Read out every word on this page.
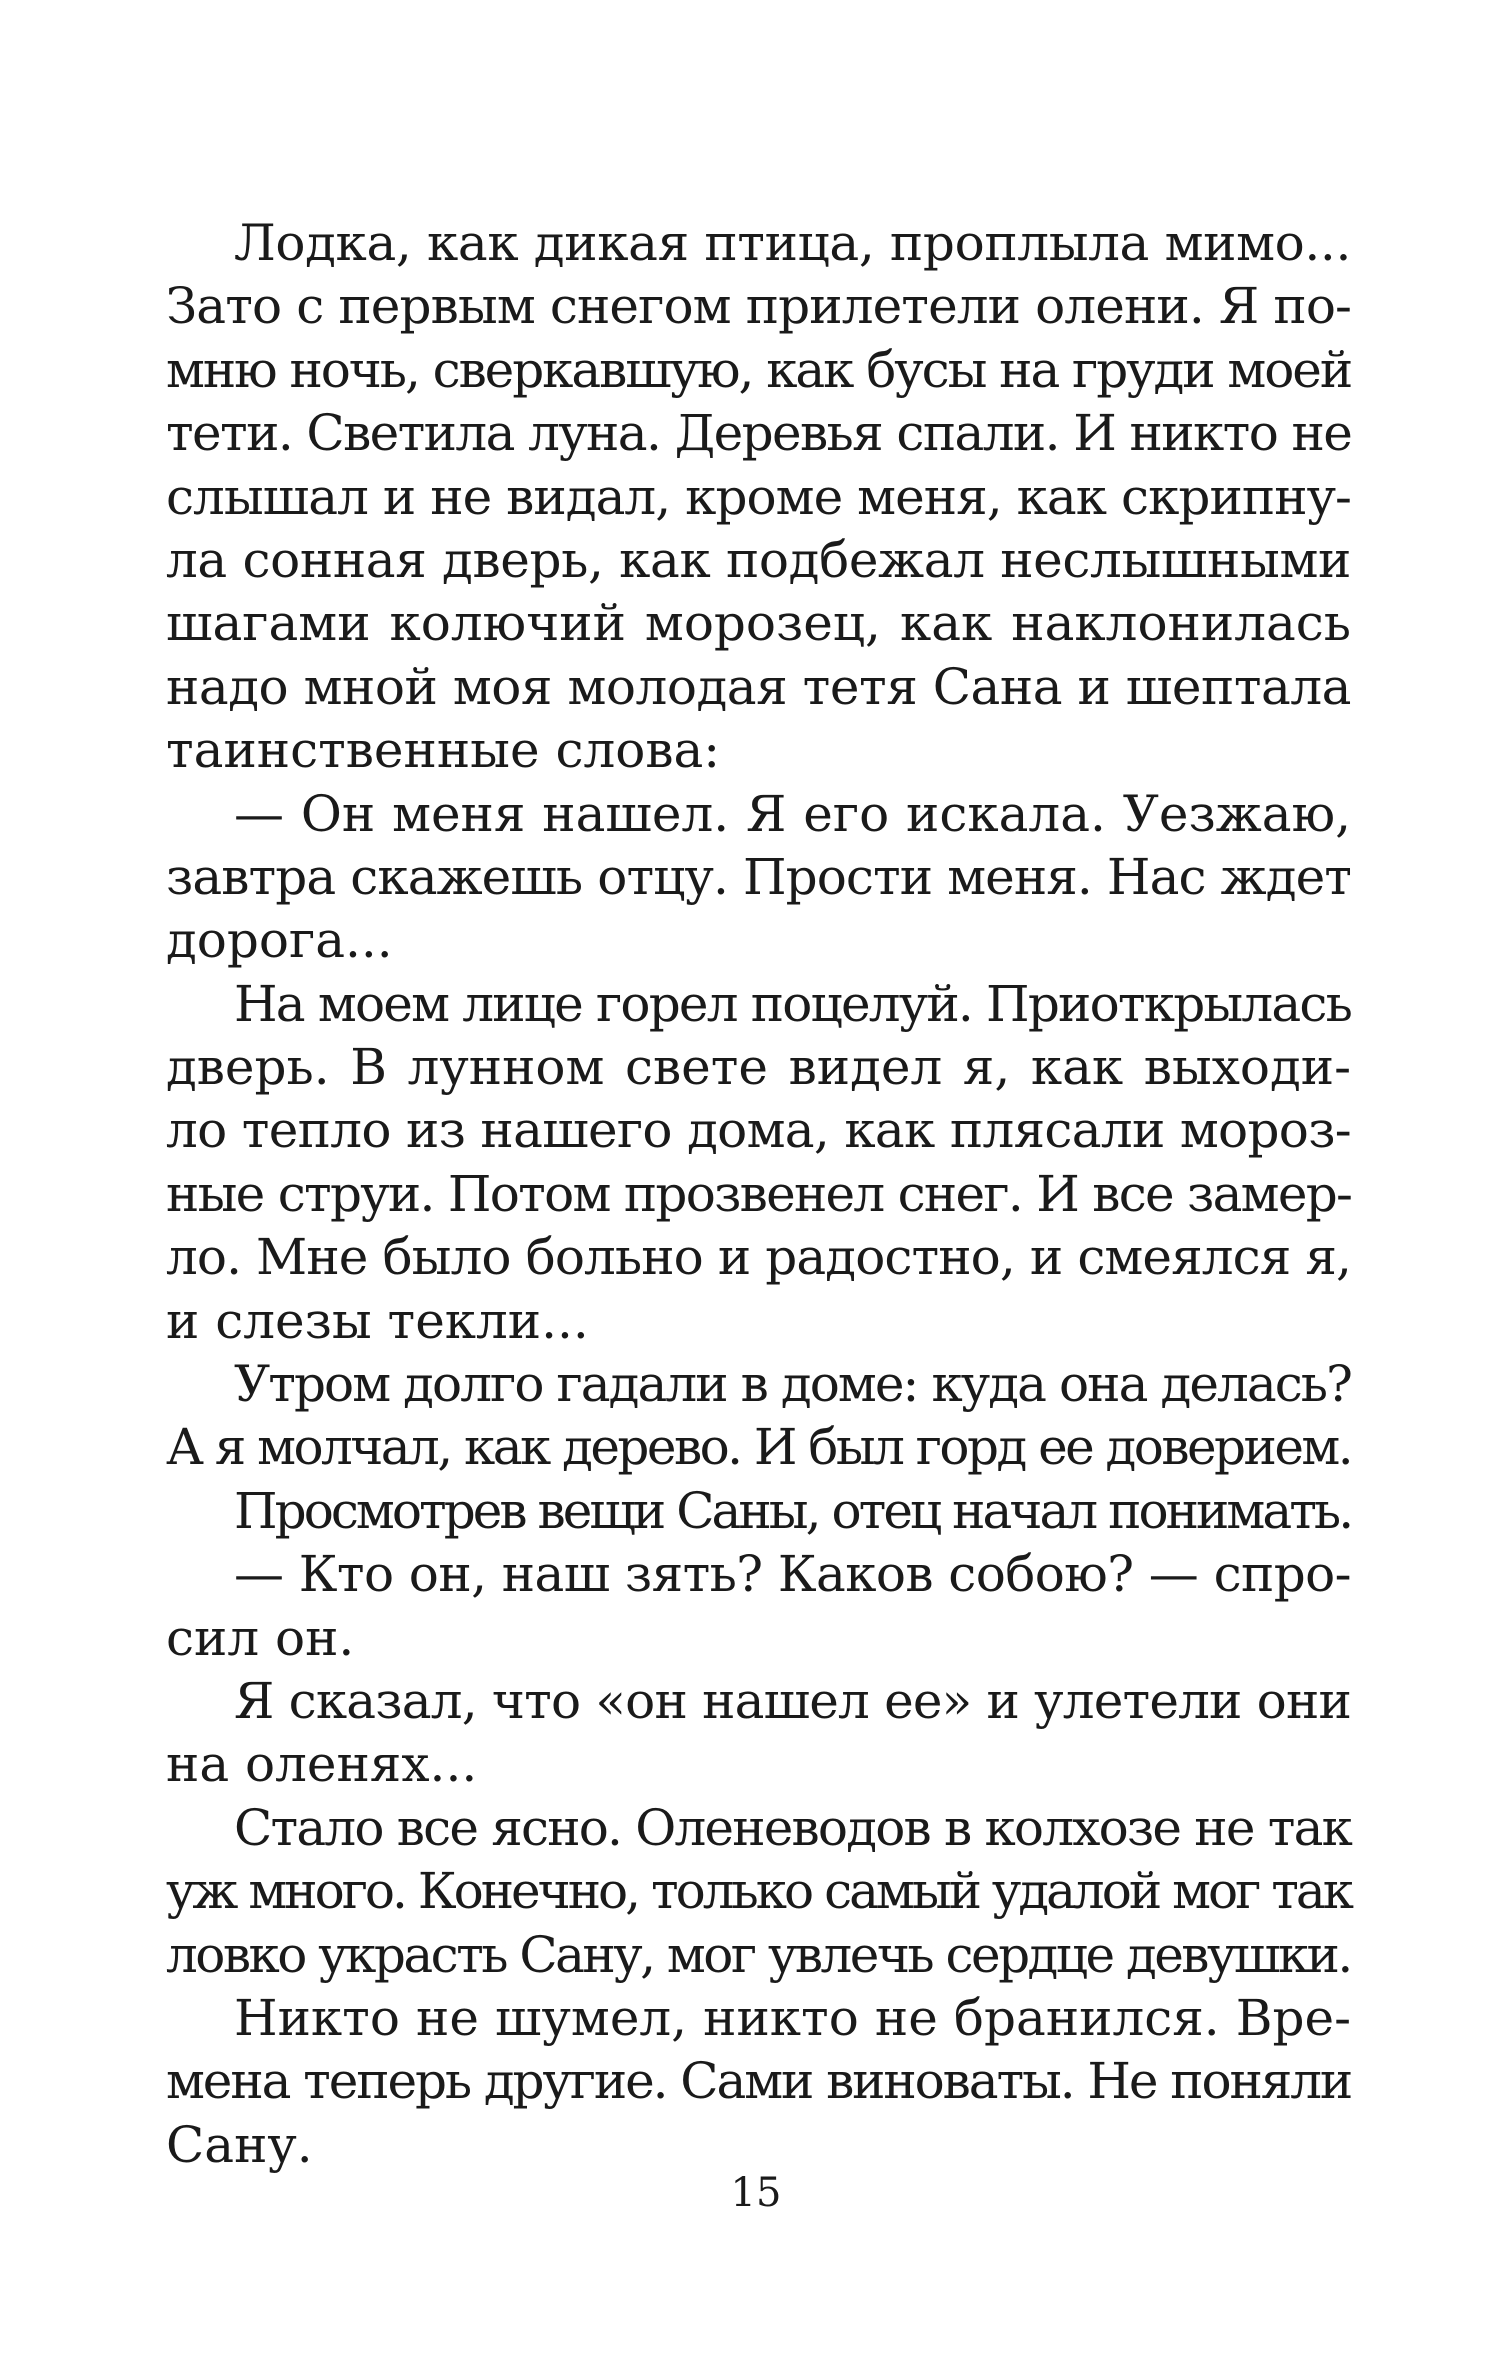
Лодка, как дикая птица, проплыла мимо...
Зато с первым снегом прилетели олени. Я по-
мню ночь, сверкавшую, как бусы на груди моей
тети. Светила луна. Деревья спали. И никто не
слышал и не видал, кроме меня, как скрипну-
ла сонная дверь, как подбежал неслышными
шагами колючий морозец, как наклонилась
надо мной моя молодая тетя Сана и шептала
таинственные слова:
— Он меня нашел. Я его искала. Уезжаю,
завтра скажешь отцу. Прости меня. Нас ждет
дорога...
На моем лице горел поцелуй. Приоткрылась
дверь. В лунном свете видел я, как выходи-
ло тепло из нашего дома, как плясали мороз-
ные струи. Потом прозвенел снег. И все замер-
ло. Мне было больно и радостно, и смеялся я,
и слезы текли...
Утром долго гадали в доме: куда она делась?
А я молчал, как дерево. И был горд ее доверием.
Просмотрев вещи Саны, отец начал понимать.
— Кто он, наш зять? Каков собою? — спро-
сил он.
Я сказал, что «он нашел ее» и улетели они
на оленях...
Стало все ясно. Оленеводов в колхозе не так
уж много. Конечно, только самый удалой мог так
ловко украсть Сану, мог увлечь сердце девушки.
Никто не шумел, никто не бранился. Вре-
мена теперь другие. Сами виноваты. Не поняли
Сану.
15
